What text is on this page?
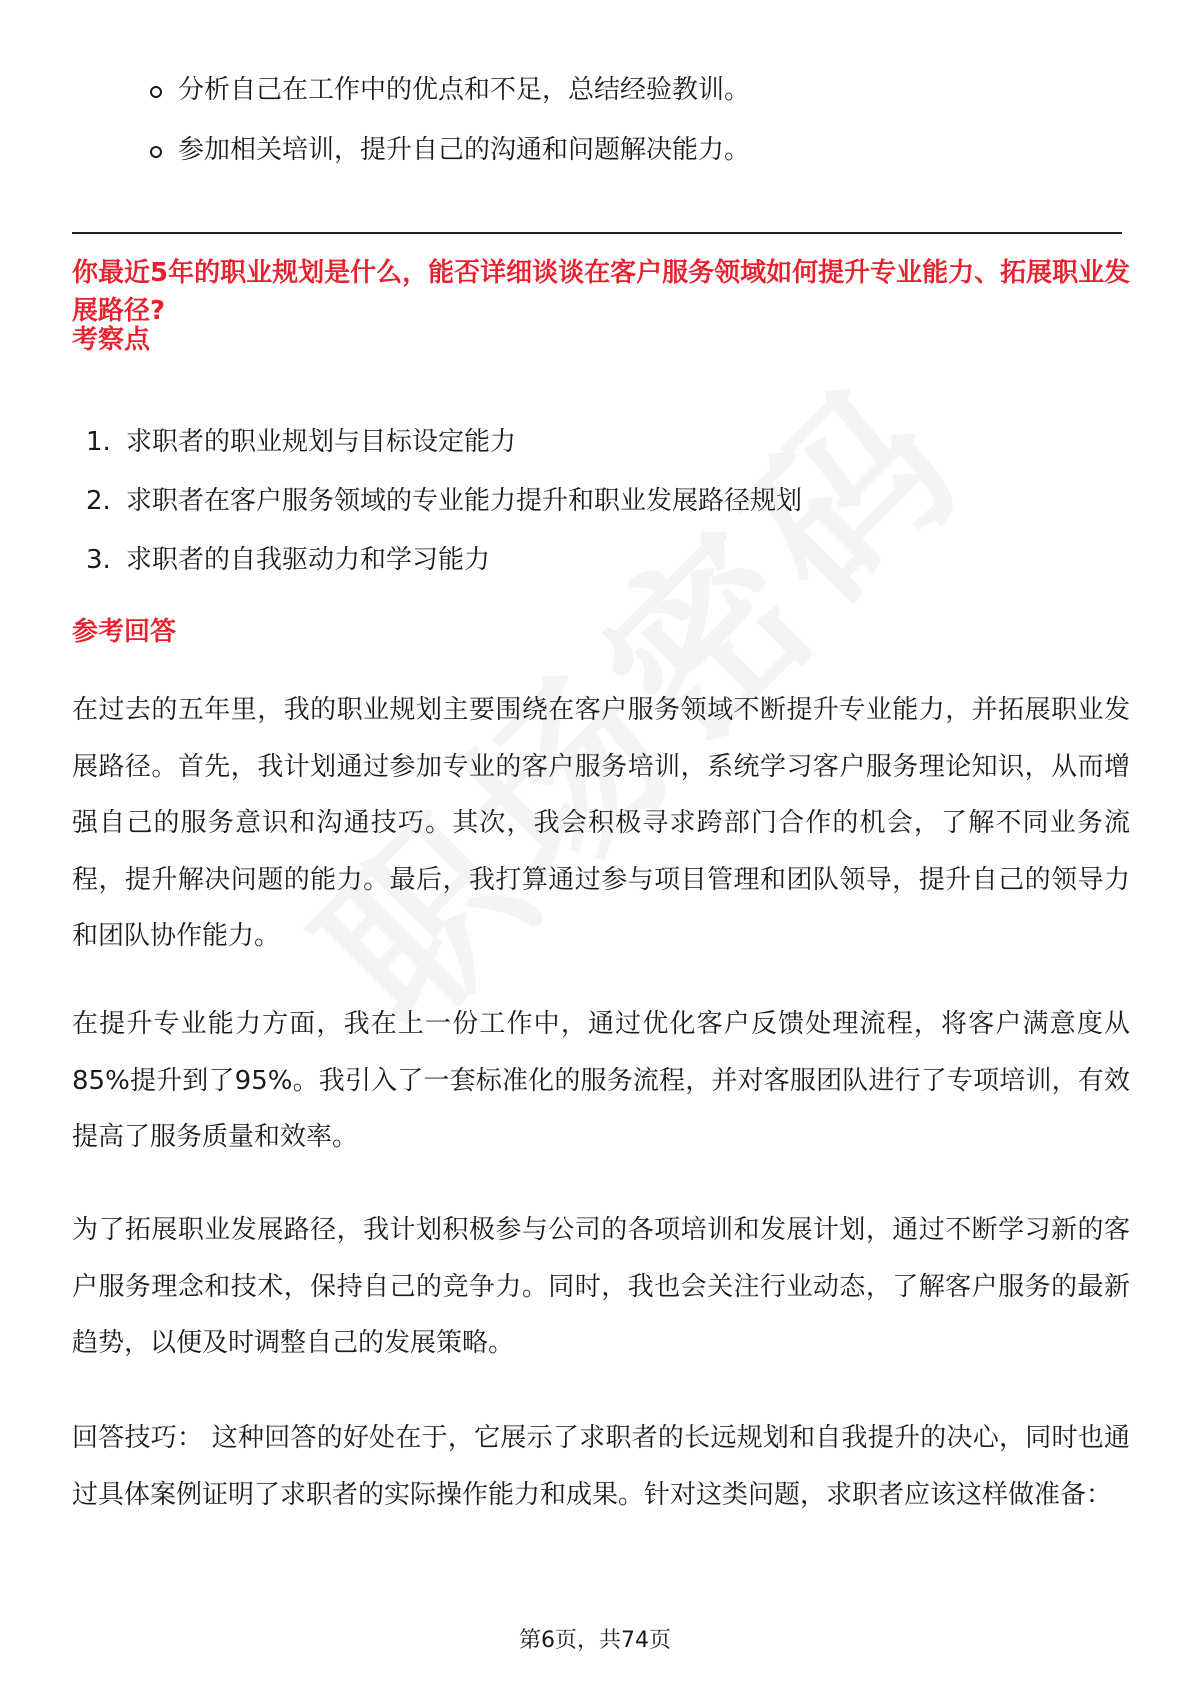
分析自己在工作中的优点和不足，总结经验教训。
参加相关培训，提升自己的沟通和问题解决能力。
你最近5年的职业规划是什么，能否详细谈谈在客户服务领域如何提升专业能力、拓展职业发展路径?
考察点
1. 求职者的职业规划与目标设定能力
2. 求职者在客户服务领域的专业能力提升和职业发展路径规划
3. 求职者的自我驱动力和学习能力
参考回答

在过去的五年里，我的职业规划主要围绕在客户服务领域不断提升专业能力，并拓展职业发展路径。首先，我计划通过参加专业的客户服务培训，系统学习客户服务理论知识，从而增强自己的服务意识和沟通技巧。其次，我会积极寻求跨部门合作的机会，了解不同业务流程，提升解决问题的能力。最后，我打算通过参与项目管理和团队领导，提升自己的领导力和团队协作能力。

在提升专业能力方面，我在上一份工作中，通过优化客户反馈处理流程，将客户满意度从85%提升到了95%。我引入了一套标准化的服务流程，并对客服团队进行了专项培训，有效提高了服务质量和效率。

为了拓展职业发展路径，我计划积极参与公司的各项培训和发展计划，通过不断学习新的客户服务理念和技术，保持自己的竞争力。同时，我也会关注行业动态，了解客户服务的最新趋势，以便及时调整自己的发展策略。

回答技巧： 这种回答的好处在于，它展示了求职者的长远规划和自我提升的决心，同时也通过具体案例证明了求职者的实际操作能力和成果。针对这类问题，求职者应该这样做准备：

第6页，共74页
